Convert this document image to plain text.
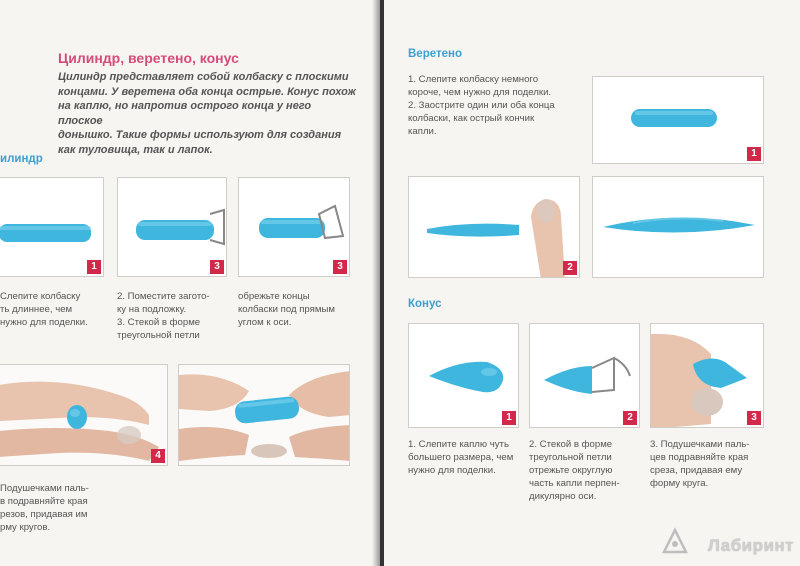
Цилиндр, веретено, конус
Цилиндр представляет собой колбаску с плоскими
концами. У веретена оба конца острые. Конус похож
на каплю, но напротив острого конца у него плоское
донышко. Такие формы используют для создания
как туловища, так и лапок.
илиндр
1	3	3

Слепите колбаску

ть длиннее, чем

нужно для поделки.

2. Поместите загото-

ку на подложку.

3. Стекой в форме

треугольной петли

обрежьте концы

колбаски под прямым

углом к оси.

4

Подушечками паль-

в подравняйте края

резов, придавая им

рму кругов.

Веретено

1. Слепите колбаску немного

короче, чем нужно для поделки.

2. Заострите один или оба конца

колбаски, как острый кончик

капли.

1
2
Конус
1	2	3

1. Слепите каплю чуть

большего размера, чем

нужно для поделки.

2. Стекой в форме

треугольной петли

отрежьте округлую

часть капли перпен-

дикулярно оси.

3. Подушечками паль-

цев подравняйте края

среза, придавая ему

форму круга.

Лабиринт
